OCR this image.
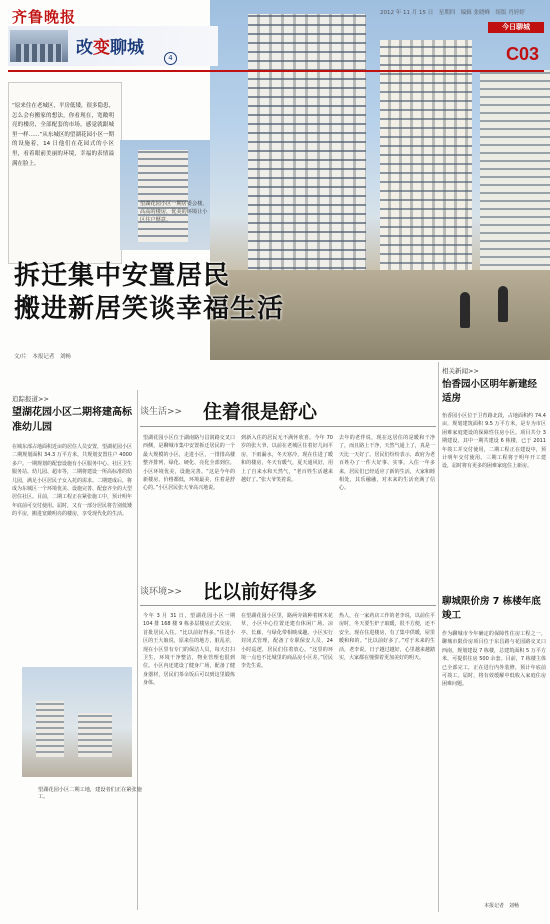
齐鲁晚报	2012 年 11 月 15 日　星期四　编辑 张晓峰　组版 肖婷婷
今日聊城
改变聊城	4	C03
“原来住在老城区，平房低矮，很多隐患，怎么会有搬家的想法，你看现在，宽敞明亮的楼房，全部配套的市场，感觉就跟城里一样……”从东城区的望湖花园小区一期的设施着，14 日他们在花园式的小区里，看着眼前美丽的环境，幸福的表情溢满在脸上。
望湖花园小区一期居委会楼，高高的楼房，优美的环境让小区住户惬意。
拆迁集中安置居民
搬进新居笑谈幸福生活
文/片　本报记者　刘畅
追踪报道>>
望湖花园小区二期将建高标准幼儿园
在城东部占地面积近亩的居住人员安置，望湖花园小区二期规划面积 34.3 万平方米，共规划安置住户 4000 多户。一期规划的配套设施有小区服务中心、社区卫生服务站、幼儿园、超市等，二期将建设一所高标准的幼儿园，满足小区居民子女入托的需求。二期建成后，将成为东城区一个环境优美、设施完善、配套齐全的大型居住社区。目前，二期工程正在紧张施工中，预计明年年底前可交付使用。届时，又有一部分居民将告别低矮的平房，搬进宽敞明亮的楼房，享受现代化的生活。
谈生活>> 住着很是舒心
望湖花园小区位于湖南路与昌润路交叉口西侧，是聊城市集中安置拆迁居民的一个最大规模的小区，走进小区，一排排高楼整齐排列，绿化、硬化、亮化全部到位，小区环境优美，设施完善。“这是今年的新楼房，价格都低，环境最美，住着是舒心的。”小区居民张大爷高兴地说。
到新入住的居民无不满怀欣喜。今年 70 岁的张大爷，以前在老城区住着好几间平房，下雨漏水，冬天寒冷，现在住进了暖和的楼房，冬天有暖气，夏天通风好，用上了自来水和天然气，“老百姓生活越来越好了。”张大爷笑着说。
去年的老伴说，现在这居住的是暖和干净了，而且路上干净，天然气通上了，真是一天比一天好了。居民们纷纷表示，政府为老百姓办了一件大好事、实事。入住一年多来，居民们已经适应了新的生活，大家和睦相处，其乐融融，对未来的生活充满了信心。
谈环境>> 比以前好得多
今年 3 月 31 日，望湖花园小区一期 104 排 168 楼 9 栋多层楼房正式交房，首批居民入住。“比以前好得多。”住进小区的王大娘说，原来住的地方，脏乱差，现在小区里有专门的保洁人员，每天打扫卫生，环境干净整洁，物业管理也很到位。小区内还建设了健身广场，配备了健身器材，居民们茶余饭后可以到这里锻炼身体。
在望湖花园小区里，路两旁栽种着树木花草，小区中心位置还建有休闲广场、凉亭、长廊，与绿化带相映成趣。小区实行封闭式管理，配备了专职保安人员，24 小时巡逻，居民们住着放心。“这里的环境一点也不比城里的商品房小区差。”居民李先生说。
热人，在一家药店工作的老李说，以前住平房时，冬天要生炉子取暖，很不方便，还不安全。现在住进楼房，有了集中供暖，屋里暖和和的。“比以前好多了。”对于未来的生活，老李说，日子越过越好，心里越来越踏实，大家都在憧憬着更加美好的明天。
望湖花园小区二期工地，建设者们正在紧张施工。
相关新闻>>
怡香园小区明年新建经适房
怡香园小区位于卫育路北段，占地面积约 74.4 亩，规划建筑面积 9.5 万平方米，是专为市区困难家庭建设的保障性住房小区。项目共分 3 期建设，其中一期共建设 6 栋楼，已于 2011 年竣工并交付使用，二期工程正在建设中，预计明年交付使用。三期工程将于明年开工建设，届时将有更多的困难家庭住上新房。
聊城限价房 7 栋楼年底竣工
作为聊城市今年确定的保障性住房工程之一，聊城市限价房项目位于东昌路与花园路交叉口西南，规划建设 7 栋楼，总建筑面积 5 万平方米，可提供住房 500 余套。目前，7 栋楼主体已全部完工，正在进行内外装修，预计年底前可竣工。届时，将有效缓解中低收入家庭住房困难问题。
本报记者　刘畅
